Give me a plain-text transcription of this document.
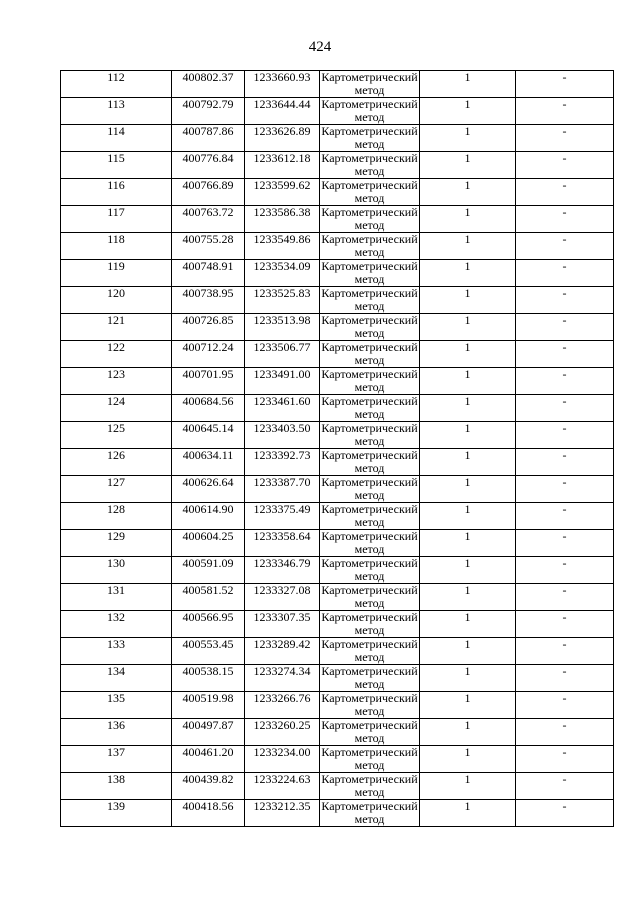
424
112	400802.37	1233660.93	Картометрический метод	1	-
113	400792.79	1233644.44	Картометрический метод	1	-
114	400787.86	1233626.89	Картометрический метод	1	-
115	400776.84	1233612.18	Картометрический метод	1	-
116	400766.89	1233599.62	Картометрический метод	1	-
117	400763.72	1233586.38	Картометрический метод	1	-
118	400755.28	1233549.86	Картометрический метод	1	-
119	400748.91	1233534.09	Картометрический метод	1	-
120	400738.95	1233525.83	Картометрический метод	1	-
121	400726.85	1233513.98	Картометрический метод	1	-
122	400712.24	1233506.77	Картометрический метод	1	-
123	400701.95	1233491.00	Картометрический метод	1	-
124	400684.56	1233461.60	Картометрический метод	1	-
125	400645.14	1233403.50	Картометрический метод	1	-
126	400634.11	1233392.73	Картометрический метод	1	-
127	400626.64	1233387.70	Картометрический метод	1	-
128	400614.90	1233375.49	Картометрический метод	1	-
129	400604.25	1233358.64	Картометрический метод	1	-
130	400591.09	1233346.79	Картометрический метод	1	-
131	400581.52	1233327.08	Картометрический метод	1	-
132	400566.95	1233307.35	Картометрический метод	1	-
133	400553.45	1233289.42	Картометрический метод	1	-
134	400538.15	1233274.34	Картометрический метод	1	-
135	400519.98	1233266.76	Картометрический метод	1	-
136	400497.87	1233260.25	Картометрический метод	1	-
137	400461.20	1233234.00	Картометрический метод	1	-
138	400439.82	1233224.63	Картометрический метод	1	-
139	400418.56	1233212.35	Картометрический метод	1	-
